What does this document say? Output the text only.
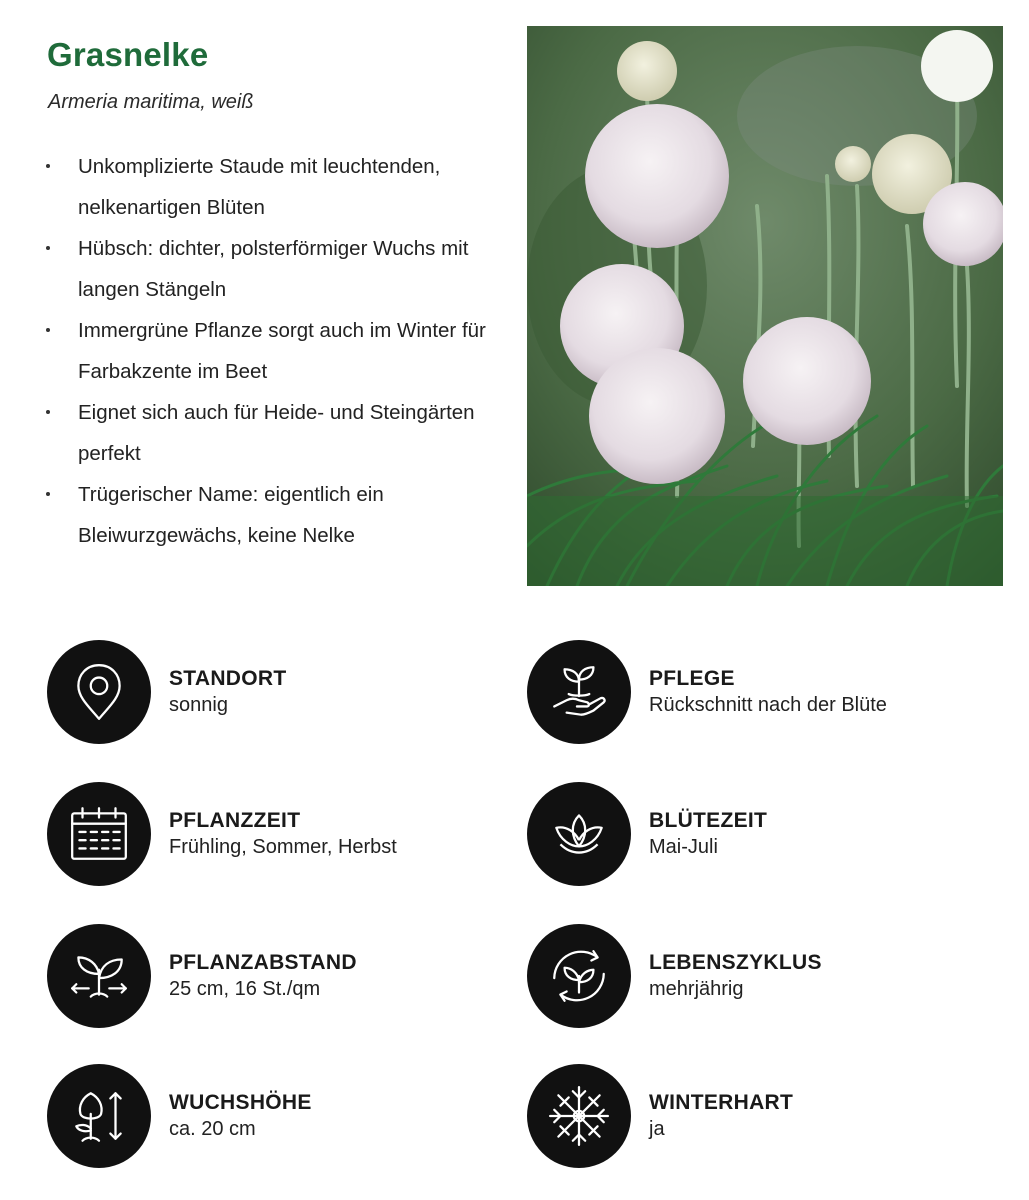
Grasnelke
Armeria maritima, weiß
Unkomplizierte Staude mit leuchtenden, nelkenartigen Blüten
Hübsch: dichter, polsterförmiger Wuchs mit langen Stängeln
Immergrüne Pflanze sorgt auch im Winter für Farbakzente im Beet
Eignet sich auch für Heide- und Steingärten perfekt
Trügerischer Name: eigentlich ein Bleiwurzgewächs, keine Nelke
STANDORT
sonnig
PFLEGE
Rückschnitt nach der Blüte
PFLANZZEIT
Frühling, Sommer, Herbst
BLÜTEZEIT
Mai-Juli
PFLANZABSTAND
25 cm, 16 St./qm
LEBENSZYKLUS
mehrjährig
WUCHSHÖHE
ca. 20 cm
WINTERHART
ja
